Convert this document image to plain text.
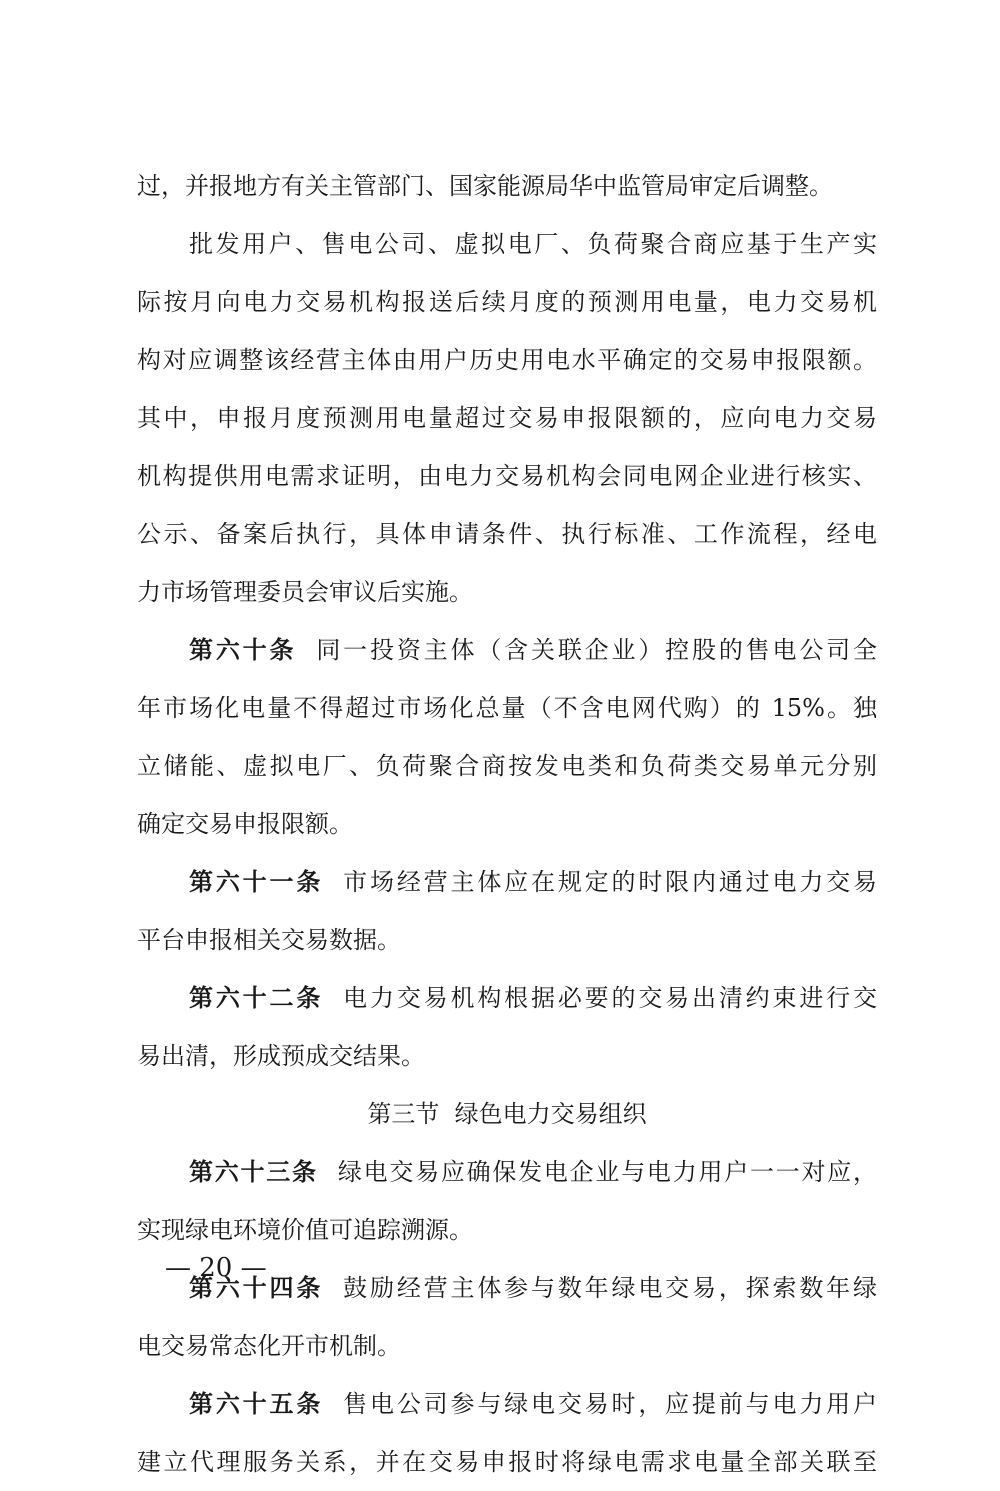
过，并报地方有关主管部门、国家能源局华中监管局审定后调整。
批发用户、售电公司、虚拟电厂、负荷聚合商应基于生产实
际按月向电力交易机构报送后续月度的预测用电量，电力交易机
构对应调整该经营主体由用户历史用电水平确定的交易申报限额。
其中，申报月度预测用电量超过交易申报限额的，应向电力交易
机构提供用电需求证明，由电力交易机构会同电网企业进行核实、
公示、备案后执行，具体申请条件、执行标准、工作流程，经电
力市场管理委员会审议后实施。
第六十条 同一投资主体（含关联企业）控股的售电公司全
年市场化电量不得超过市场化总量（不含电网代购）的 15%。独
立储能、虚拟电厂、负荷聚合商按发电类和负荷类交易单元分别
确定交易申报限额。
第六十一条 市场经营主体应在规定的时限内通过电力交易
平台申报相关交易数据。
第六十二条 电力交易机构根据必要的交易出清约束进行交
易出清，形成预成交结果。
第三节  绿色电力交易组织
第六十三条 绿电交易应确保发电企业与电力用户一一对应，
实现绿电环境价值可追踪溯源。
第六十四条 鼓励经营主体参与数年绿电交易，探索数年绿
电交易常态化开市机制。
第六十五条 售电公司参与绿电交易时，应提前与电力用户
建立代理服务关系，并在交易申报时将绿电需求电量全部关联至
— 20 —
